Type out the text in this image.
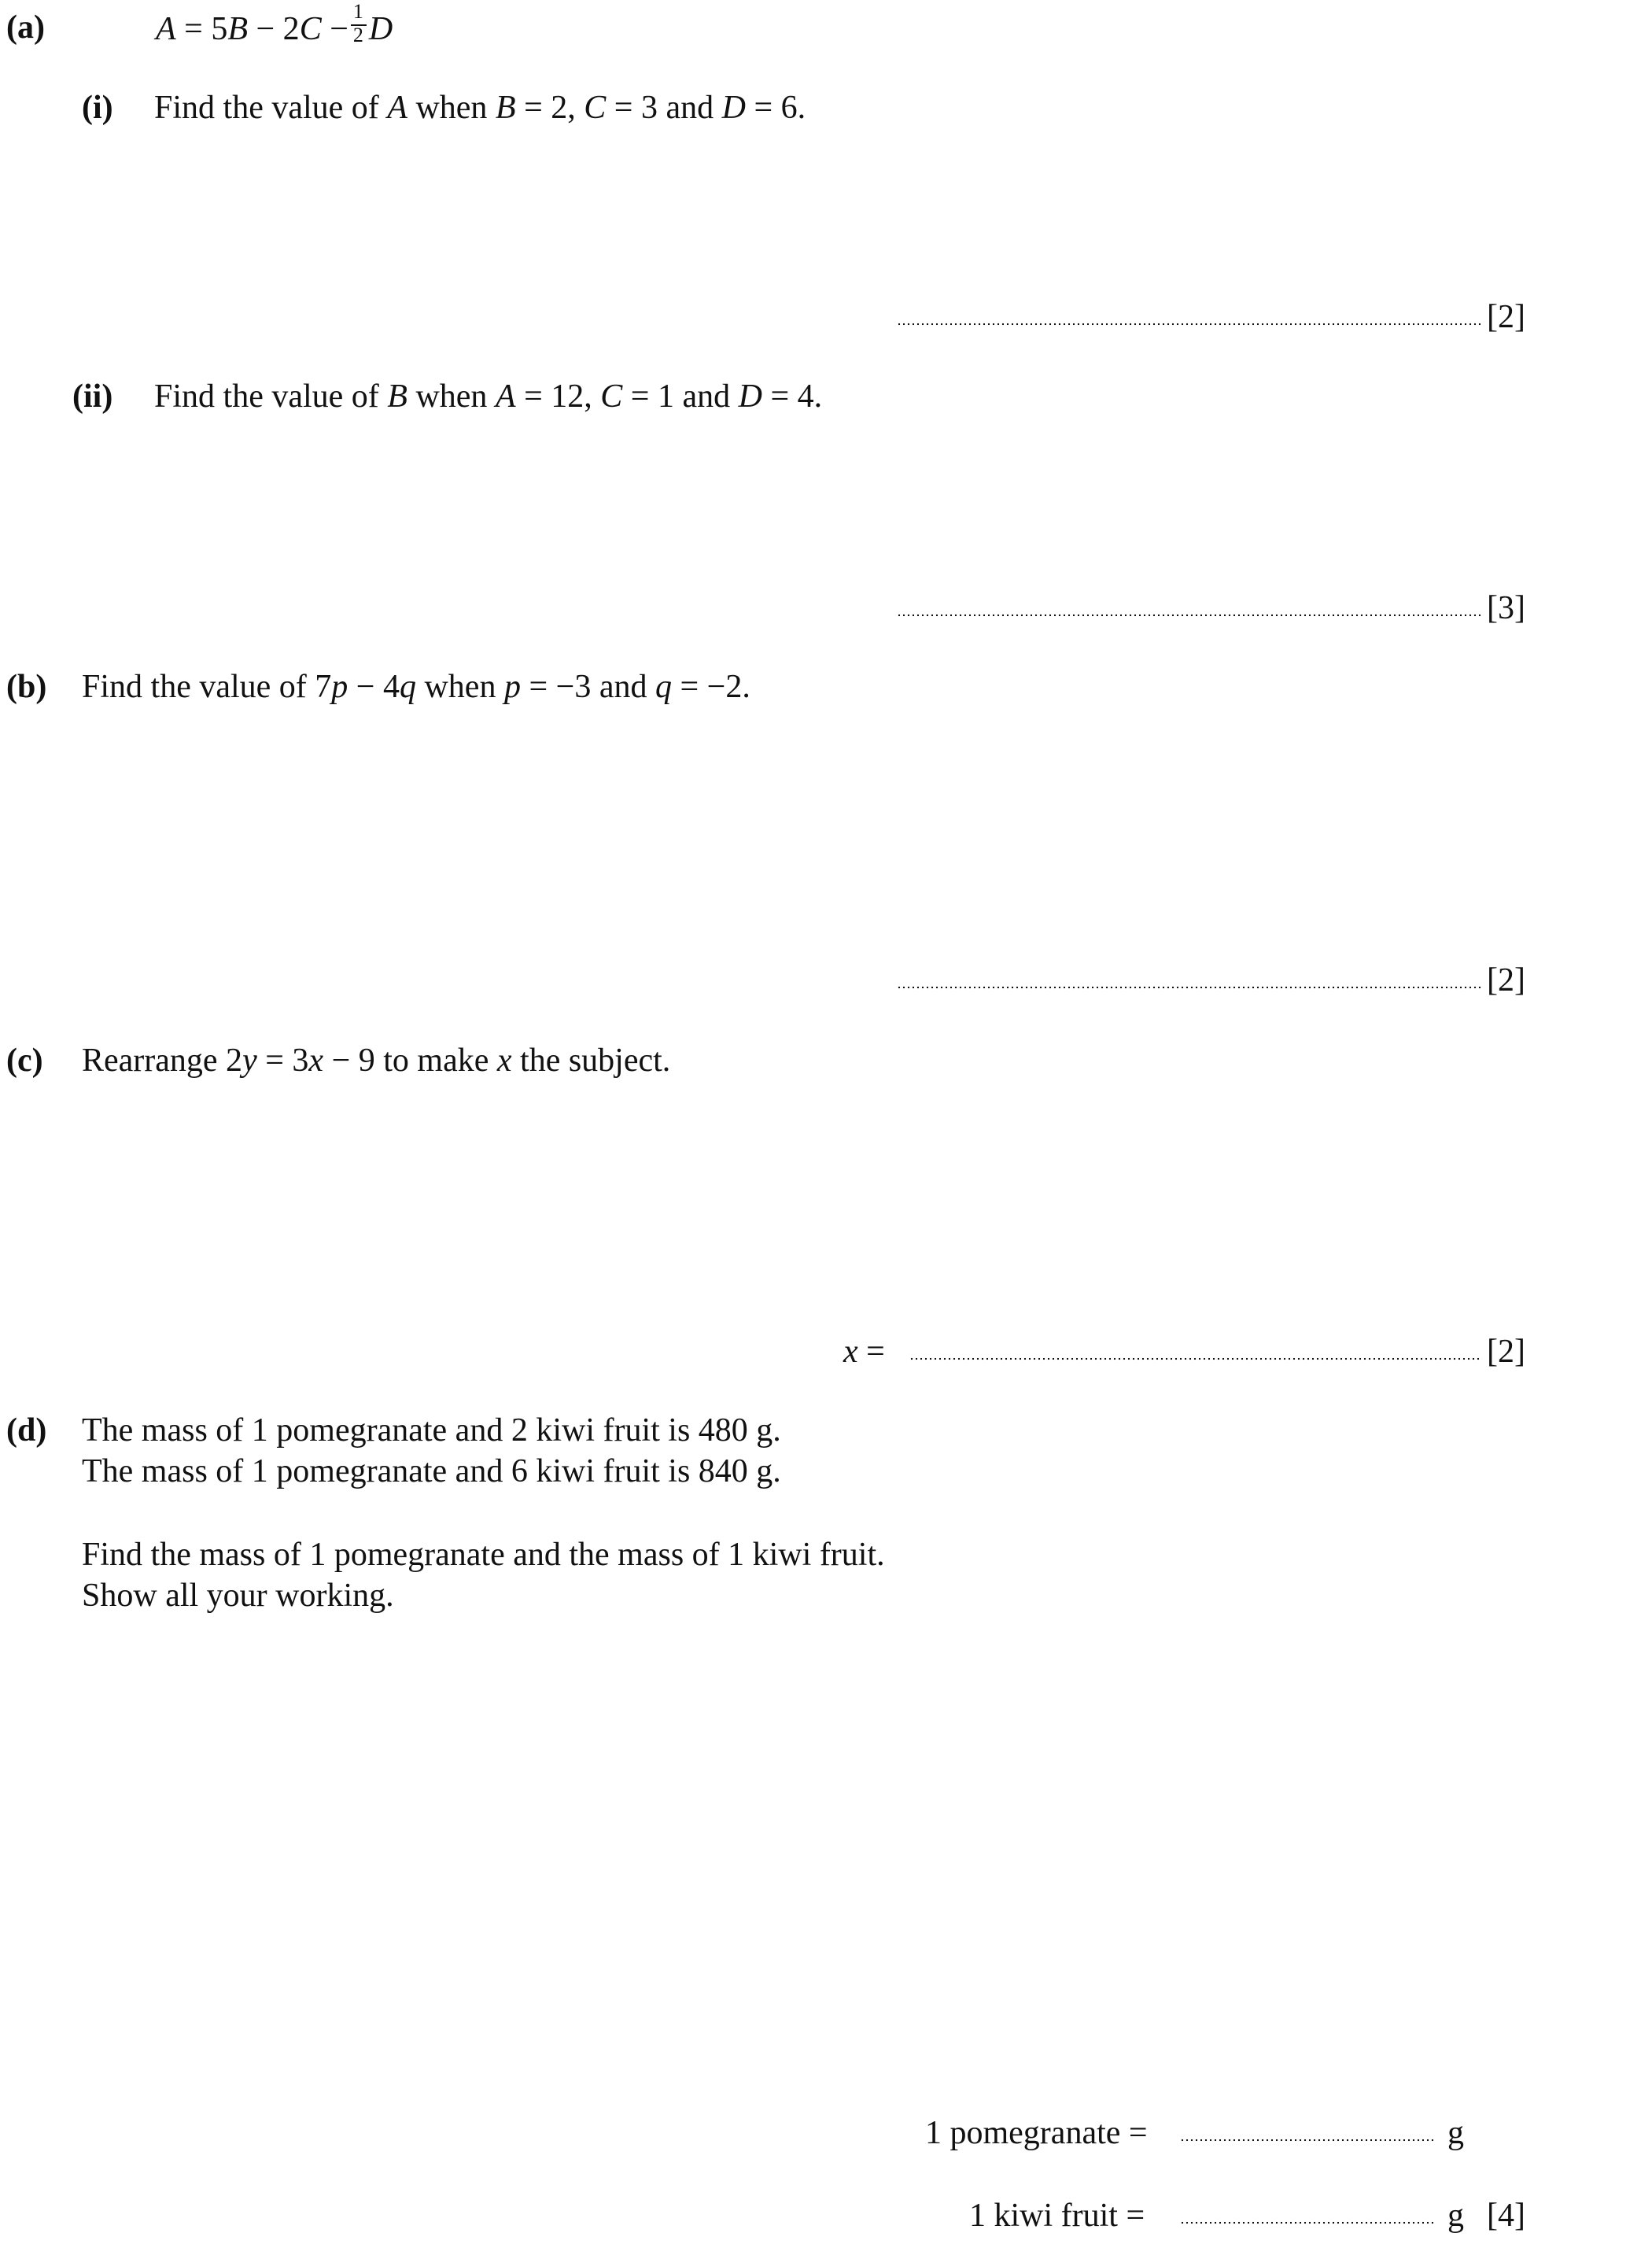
(a)	$A = 5B - 2C - \frac{1}{2}$ D
(i) Find the value of A when B = 2, C = 3 and D = 6.
[2]
(ii) Find the value of B when A = 12, C = 1 and D = 4.
[3]
(b) Find the value of 7p − 4q when p = −3 and q = −2.
[2]
(c) Rearrange 2y = 3x − 9 to make x the subject.
x =	[2]
(d) The mass of 1 pomegranate and 2 kiwi fruit is 480 g.
The mass of 1 pomegranate and 6 kiwi fruit is 840 g.
Find the mass of 1 pomegranate and the mass of 1 kiwi fruit.
Show all your working.
1 pomegranate =	g
1 kiwi fruit =	g [4]
